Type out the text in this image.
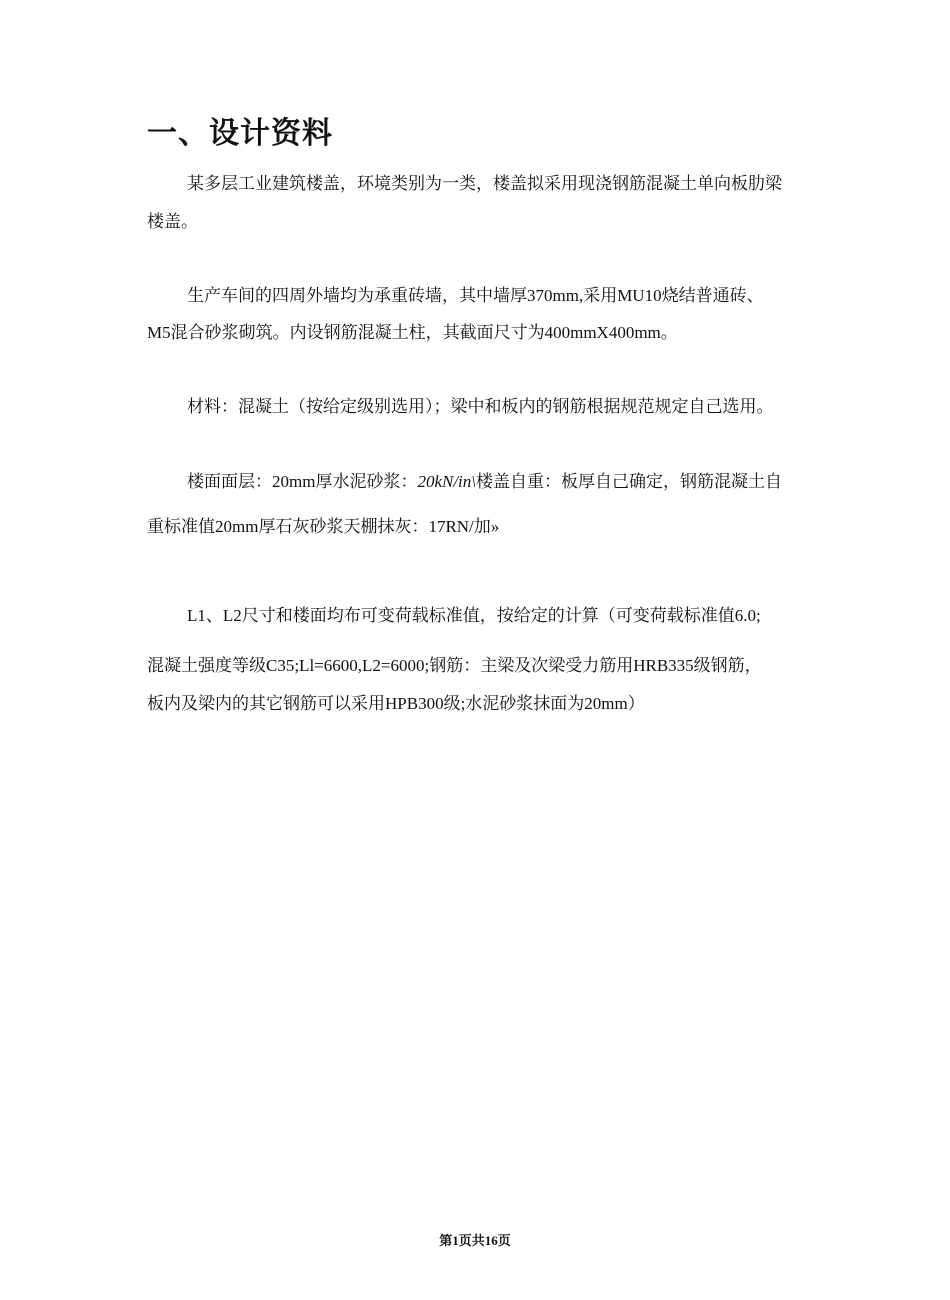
一、设计资料

某多层工业建筑楼盖，环境类别为一类，楼盖拟采用现浇钢筋混凝土单向板肋梁

楼盖。

生产车间的四周外墙均为承重砖墙，其中墙厚370mm,采用MU10烧结普通砖、

M5混合砂浆砌筑。内设钢筋混凝土柱，其截面尺寸为400mmX400mm。

材料：混凝土（按给定级别选用）；梁中和板内的钢筋根据规范规定自己选用。

楼面面层：20mm厚水泥砂浆：20kN/in\楼盖自重：板厚自己确定，钢筋混凝土自

重标准值20mm厚石灰砂浆天棚抹灰：17RN/加»

L1、L2尺寸和楼面均布可变荷载标准值，按给定的计算（可变荷载标准值6.0;

混凝土强度等级C35;Ll=6600,L2=6000;钢筋：主梁及次梁受力筋用HRB335级钢筋，

板内及梁内的其它钢筋可以采用HPB300级;水泥砂浆抹面为20mm）

第1页共16页
